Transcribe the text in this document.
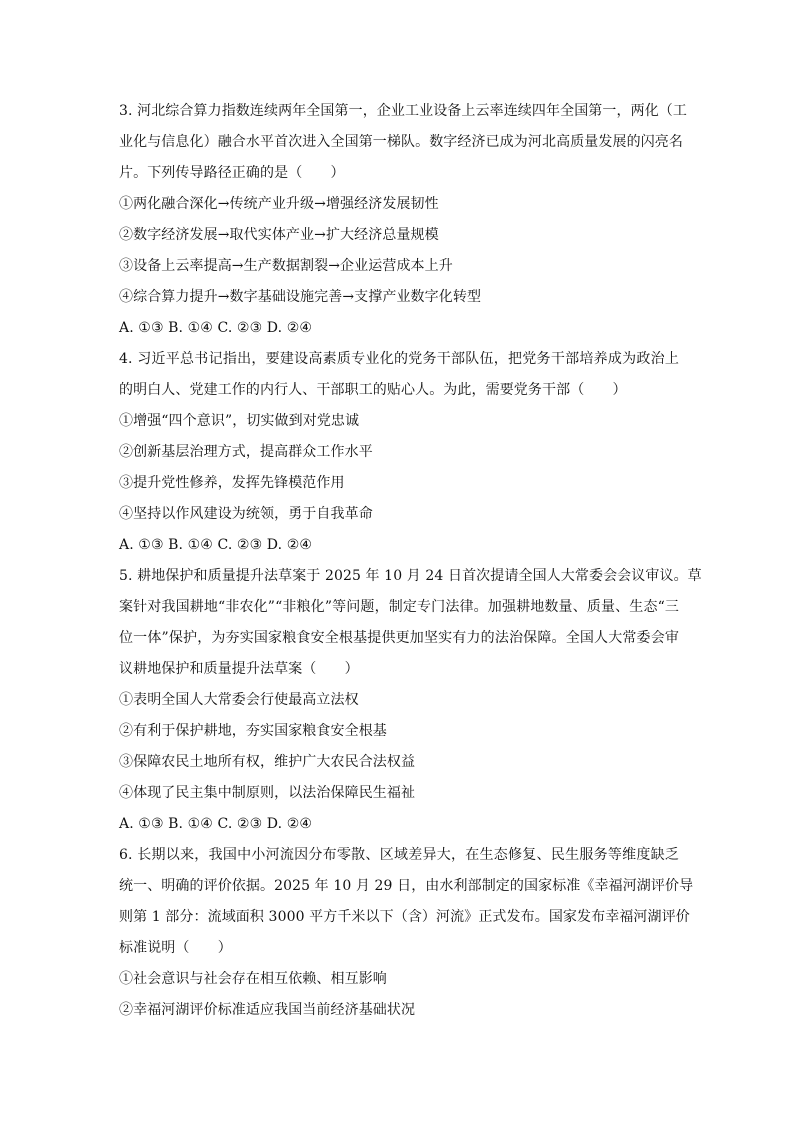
3. 河北综合算力指数连续两年全国第一，企业工业设备上云率连续四年全国第一，两化（工
业化与信息化）融合水平首次进入全国第一梯队。数字经济已成为河北高质量发展的闪亮名
片。下列传导路径正确的是（　　）
①两化融合深化→传统产业升级→增强经济发展韧性
②数字经济发展→取代实体产业→扩大经济总量规模
③设备上云率提高→生产数据割裂→企业运营成本上升
④综合算力提升→数字基础设施完善→支撑产业数字化转型
A. ①③ B. ①④ C. ②③ D. ②④
4. 习近平总书记指出，要建设高素质专业化的党务干部队伍，把党务干部培养成为政治上
的明白人、党建工作的内行人、干部职工的贴心人。为此，需要党务干部（　　）
①增强“四个意识”，切实做到对党忠诚
②创新基层治理方式，提高群众工作水平
③提升党性修养，发挥先锋模范作用
④坚持以作风建设为统领，勇于自我革命
A. ①③ B. ①④ C. ②③ D. ②④
5. 耕地保护和质量提升法草案于 2025 年 10 月 24 日首次提请全国人大常委会会议审议。草
案针对我国耕地“非农化”“非粮化”等问题，制定专门法律。加强耕地数量、质量、生态“三
位一体”保护，为夯实国家粮食安全根基提供更加坚实有力的法治保障。全国人大常委会审
议耕地保护和质量提升法草案（　　）
①表明全国人大常委会行使最高立法权
②有利于保护耕地，夯实国家粮食安全根基
③保障农民土地所有权，维护广大农民合法权益
④体现了民主集中制原则，以法治保障民生福祉
A. ①③ B. ①④ C. ②③ D. ②④
6. 长期以来，我国中小河流因分布零散、区域差异大，在生态修复、民生服务等维度缺乏
统一、明确的评价依据。2025 年 10 月 29 日，由水利部制定的国家标准《幸福河湖评价导
则第 1 部分：流域面积 3000 平方千米以下（含）河流》正式发布。国家发布幸福河湖评价
标准说明（　　）
①社会意识与社会存在相互依赖、相互影响
②幸福河湖评价标准适应我国当前经济基础状况
